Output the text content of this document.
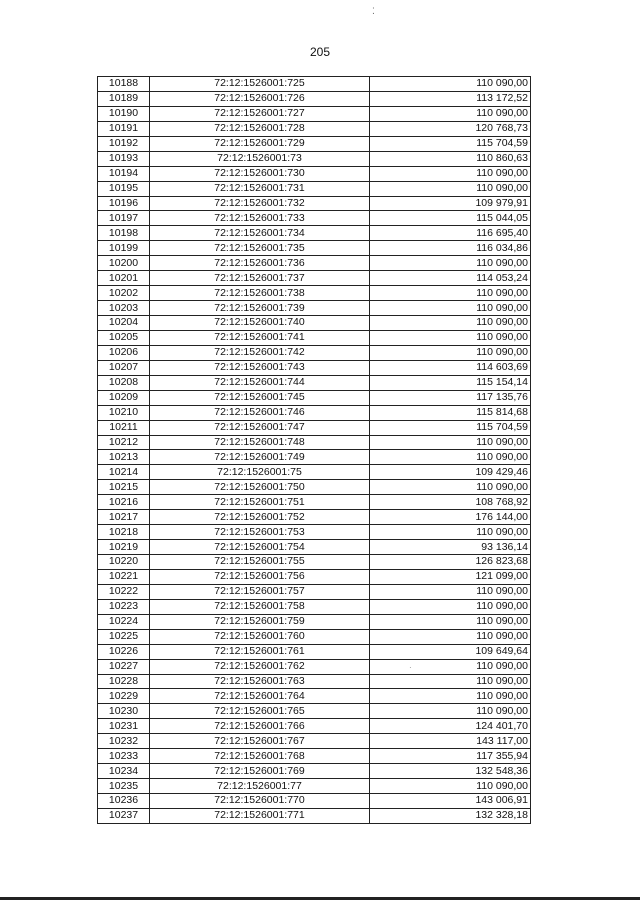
⁚
·
205
10188	72:12:1526001:725	110 090,00
10189	72:12:1526001:726	113 172,52
10190	72:12:1526001:727	110 090,00
10191	72:12:1526001:728	120 768,73
10192	72:12:1526001:729	115 704,59
10193	72:12:1526001:73	110 860,63
10194	72:12:1526001:730	110 090,00
10195	72:12:1526001:731	110 090,00
10196	72:12:1526001:732	109 979,91
10197	72:12:1526001:733	115 044,05
10198	72:12:1526001:734	116 695,40
10199	72:12:1526001:735	116 034,86
10200	72:12:1526001:736	110 090,00
10201	72:12:1526001:737	114 053,24
10202	72:12:1526001:738	110 090,00
10203	72:12:1526001:739	110 090,00
10204	72:12:1526001:740	110 090,00
10205	72:12:1526001:741	110 090,00
10206	72:12:1526001:742	110 090,00
10207	72:12:1526001:743	114 603,69
10208	72:12:1526001:744	115 154,14
10209	72:12:1526001:745	117 135,76
10210	72:12:1526001:746	115 814,68
10211	72:12:1526001:747	115 704,59
10212	72:12:1526001:748	110 090,00
10213	72:12:1526001:749	110 090,00
10214	72:12:1526001:75	109 429,46
10215	72:12:1526001:750	110 090,00
10216	72:12:1526001:751	108 768,92
10217	72:12:1526001:752	176 144,00
10218	72:12:1526001:753	110 090,00
10219	72:12:1526001:754	93 136,14
10220	72:12:1526001:755	126 823,68
10221	72:12:1526001:756	121 099,00
10222	72:12:1526001:757	110 090,00
10223	72:12:1526001:758	110 090,00
10224	72:12:1526001:759	110 090,00
10225	72:12:1526001:760	110 090,00
10226	72:12:1526001:761	109 649,64
10227	72:12:1526001:762	110 090,00
10228	72:12:1526001:763	110 090,00
10229	72:12:1526001:764	110 090,00
10230	72:12:1526001:765	110 090,00
10231	72:12:1526001:766	124 401,70
10232	72:12:1526001:767	143 117,00
10233	72:12:1526001:768	117 355,94
10234	72:12:1526001:769	132 548,36
10235	72:12:1526001:77	110 090,00
10236	72:12:1526001:770	143 006,91
10237	72:12:1526001:771	132 328,18
